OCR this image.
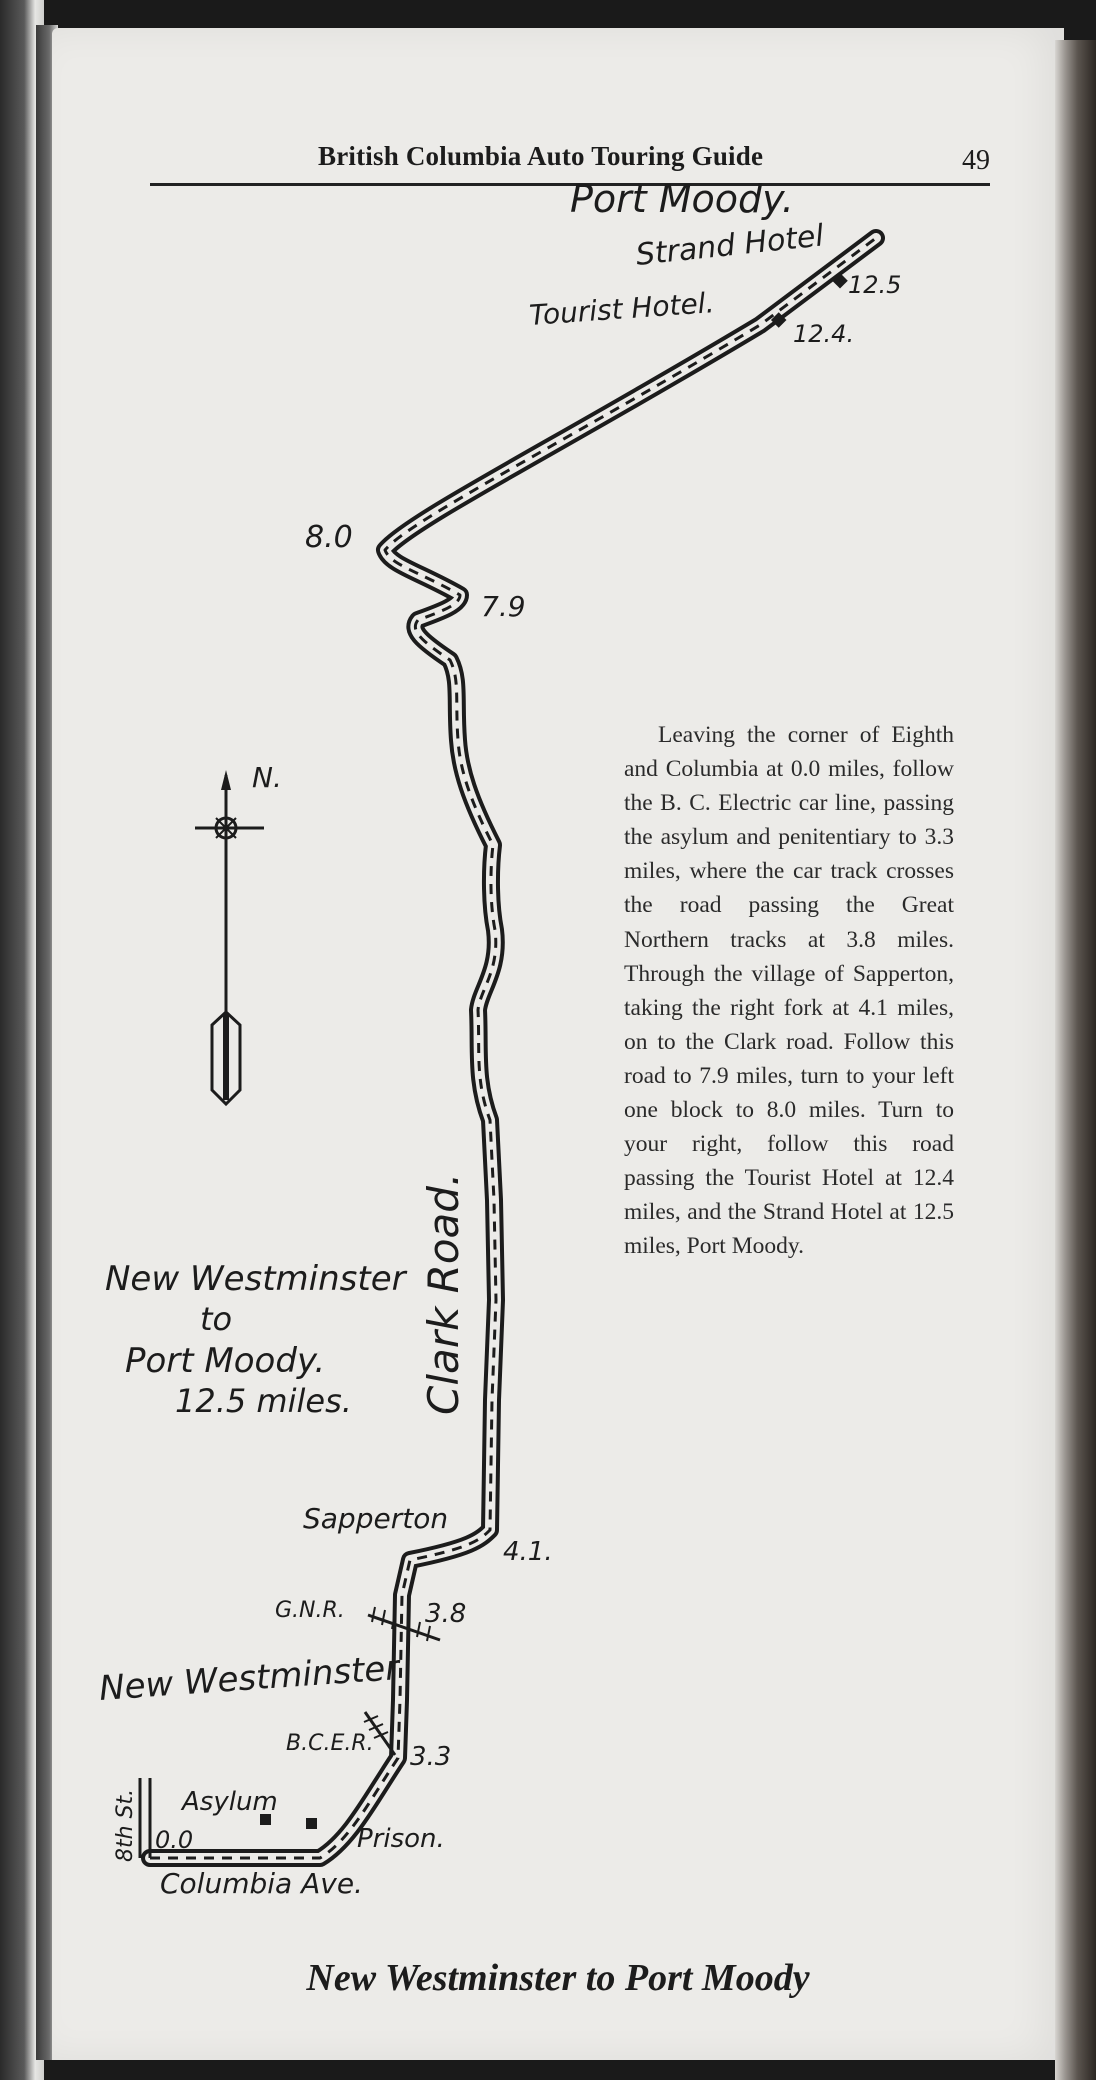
British Columbia Auto Touring Guide	49
Leaving the corner of Eighth and Columbia at 0.0 miles, follow the B. C. Electric car line, passing the asylum and penitentiary to 3.3 miles, where the car track crosses the road passing the Great Northern tracks at 3.8 miles. Through the village of Sapperton, taking the right fork at 4.1 miles, on to the Clark road. Follow this road to 7.9 miles, turn to your left one block to 8.0 miles. Turn to your right, follow this road passing the Tourist Hotel at 12.4 miles, and the Strand Hotel at 12.5 miles, Port Moody.
New Westminster to Port Moody
Port Moody.
Strand Hotel
Tourist Hotel.
12.5
12.4.
8.0
7.9
N.
Clark Road.
New Westminster
to
Port Moody.
12.5 miles.
Sapperton
4.1.
G.N.R.	3.8
New Westminster
B.C.E.R. 3.3
Asylum
Prison.
0.0
8th St.
Columbia Ave.
